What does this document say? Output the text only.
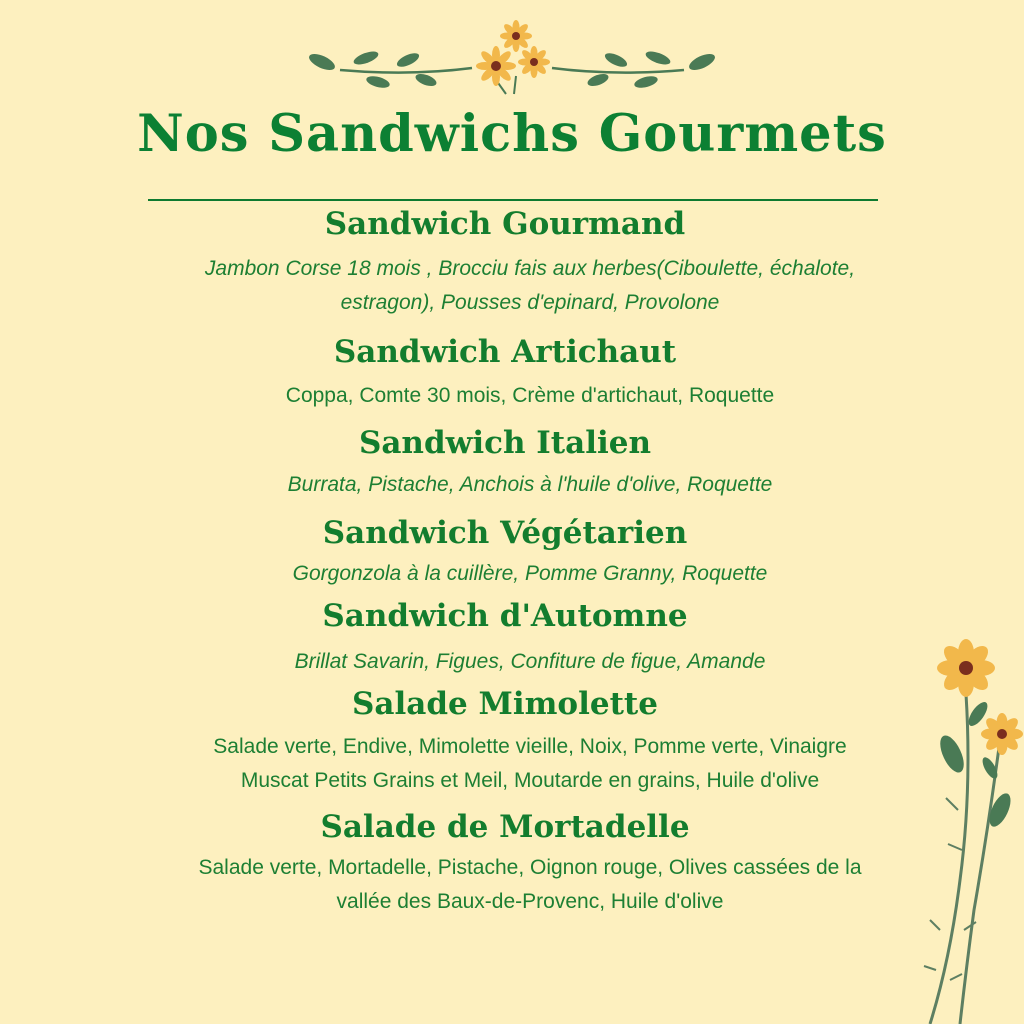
Nos Sandwichs Gourmets
Sandwich Gourmand

Jambon Corse 18 mois , Brocciu fais aux herbes(Ciboulette, échalote,
estragon), Pousses d'epinard, Provolone

Sandwich Artichaut

Coppa, Comte 30 mois, Crème d'artichaut, Roquette

Sandwich Italien

Burrata, Pistache, Anchois à l'huile d'olive, Roquette

Sandwich Végétarien

Gorgonzola à la cuillère, Pomme Granny, Roquette

Sandwich d'Automne

Brillat Savarin, Figues, Confiture de figue, Amande

Salade Mimolette

Salade verte, Endive, Mimolette vieille, Noix, Pomme verte, Vinaigre
Muscat Petits Grains et Meil, Moutarde en grains, Huile d'olive

Salade de Mortadelle

Salade verte, Mortadelle, Pistache, Oignon rouge, Olives cassées de la
vallée des Baux-de-Provenc, Huile d'olive
